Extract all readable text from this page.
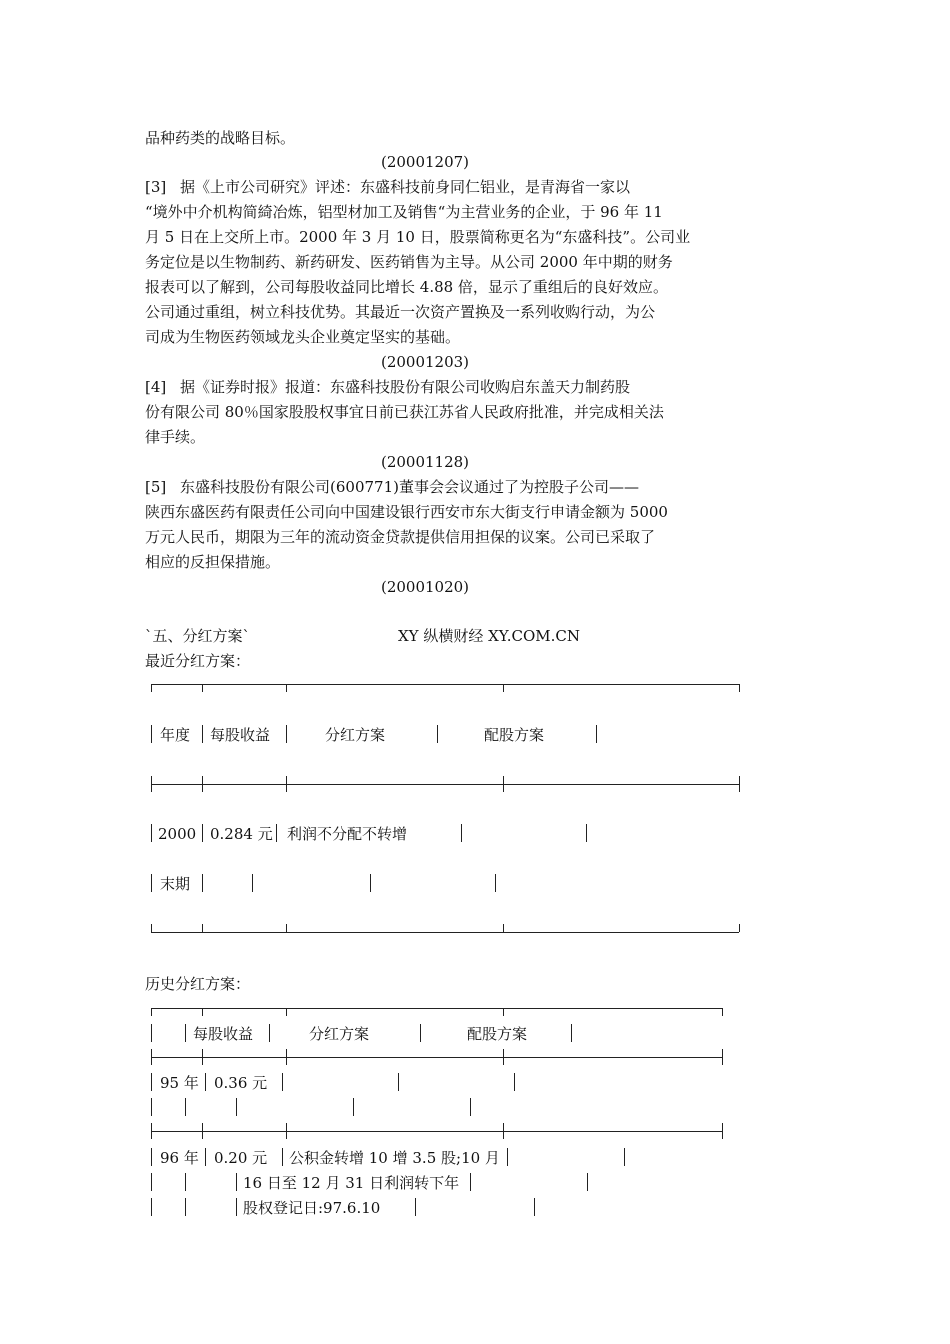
品种药类的战略目标。
(20001207)
[3] 据《上市公司研究》评述：东盛科技前身同仁铝业，是青海省一家以
“境外中介机构简綺冶炼，铝型材加工及销售“为主营业务的企业，于 96 年 11
月 5 日在上交所上市。2000 年 3 月 10 日，股票简称更名为“东盛科技”。公司业
务定位是以生物制药、新药研发、医药销售为主导。从公司 2000 年中期的财务
报表可以了解到，公司每股收益同比增长 4.88 倍，显示了重组后的良好效应。
公司通过重组，树立科技优势。其最近一次资产置换及一系列收购行动，为公
司成为生物医药领域龙头企业奠定坚实的基础。
(20001203)
[4] 据《证券时报》报道：东盛科技股份有限公司收购启东盖天力制药股
份有限公司 80％国家股股权事宜日前已获江苏省人民政府批准，并完成相关法
律手续。
(20001128)
[5] 东盛科技股份有限公司(600771)董事会会议通过了为控股子公司——
陕西东盛医药有限责任公司向中国建设银行西安市东大街支行申请金额为 5000
万元人民币，期限为三年的流动资金贷款提供信用担保的议案。公司已采取了
相应的反担保措施。
(20001020)
`五、分红方案`	XY 纵横财经 XY.COM.CN
最近分红方案：
年度 每股收益	分红方案	配股方案
2000 0.284 元 利润不分配不转增
末期
历史分红方案：
每股收益	分红方案	配股方案
95 年 0.36 元
96 年 0.20 元 公积金转增 10 增 3.5 股;10 月
16 日至 12 月 31 日利润转下年
股权登记日:97.6.10
